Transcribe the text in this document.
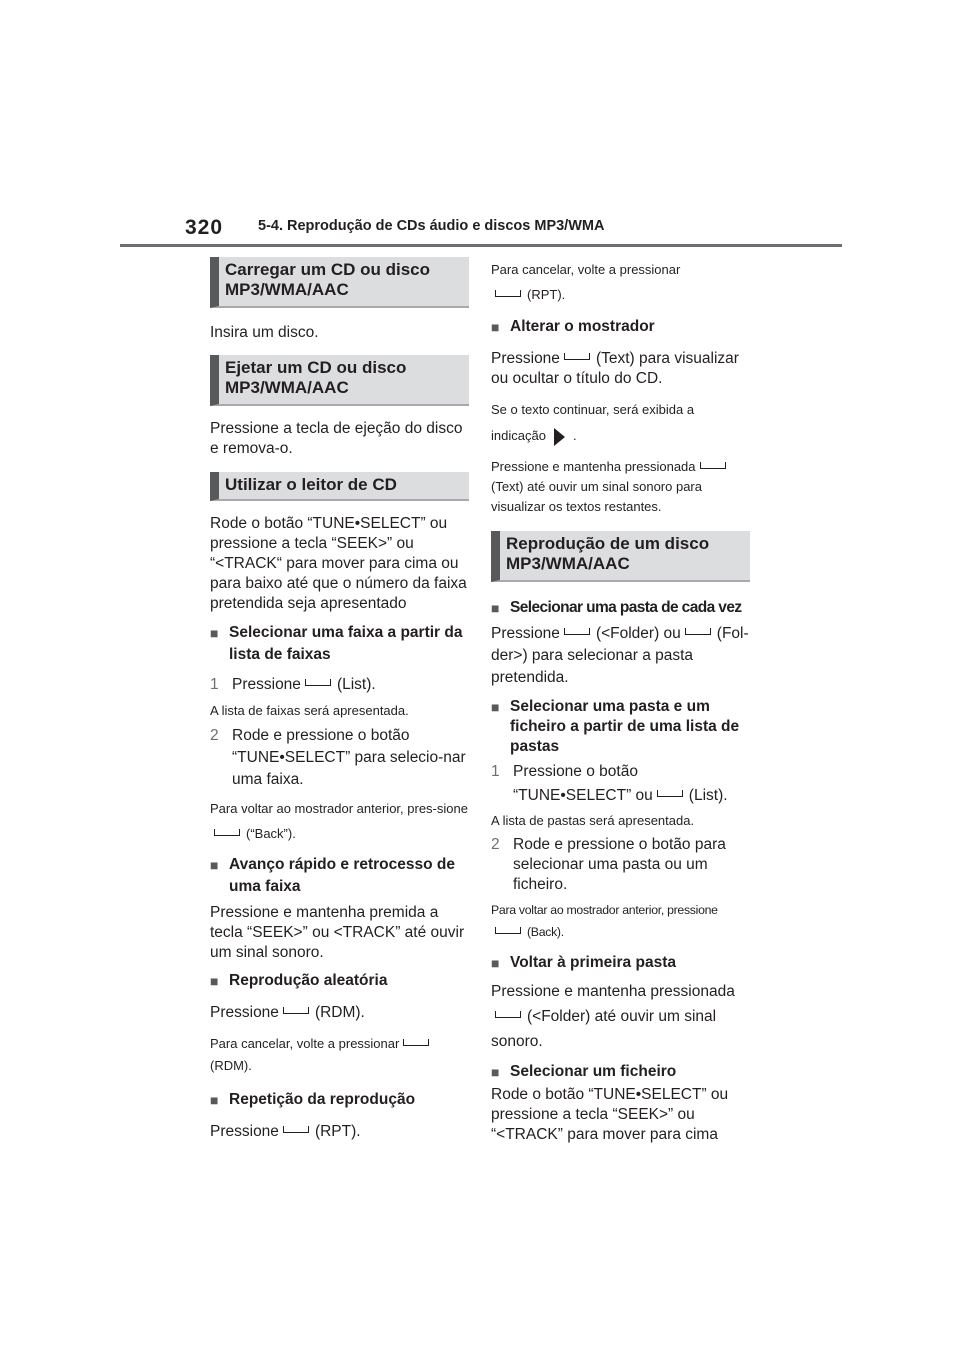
320 5-4. Reprodução de CDs áudio e discos MP3/WMA
Carregar um CD ou disco MP3/WMA/AAC
Insira um disco.
Ejetar um CD ou disco MP3/WMA/AAC
Pressione a tecla de ejeção do disco e remova-o.
Utilizar o leitor de CD
Rode o botão “TUNE•SELECT” ou pressione a tecla “SEEK>” ou “<TRACK“ para mover para cima ou para baixo até que o número da faixa pretendida seja apresentado
■ Selecionar uma faixa a partir da lista de faixas
1 Pressione (List).
A lista de faixas será apresentada.
2 Rode e pressione o botão “TUNE•SELECT” para selecio-nar uma faixa.
Para voltar ao mostrador anterior, pres-sione(“Back”).
■ Avanço rápido e retrocesso de uma faixa
Pressione e mantenha premida a tecla “SEEK>” ou <TRACK” até ouvir um sinal sonoro.
■ Reprodução aleatória
Pressione (RDM).
Para cancelar, volte a pressionar
(RDM).
■ Repetição da reprodução
Pressione (RPT).
Para cancelar, volte a pressionar
(RPT).
■ Alterar o mostrador
Pressione (Text) para visualizar ou ocultar o título do CD.
Se o texto continuar, será exibida a indicação .
Pressione e mantenha pressionada
(Text) até ouvir um sinal sonoro para visualizar os textos restantes.
Reprodução de um disco MP3/WMA/AAC
■ Selecionar uma pasta de cada vez
Pressione (<Folder) ou (Fol-der>) para selecionar a pasta pretendida.
■ Selecionar uma pasta e um ficheiro a partir de uma lista de pastas
1 Pressione o botão “TUNE•SELECT” ou (List).
A lista de pastas será apresentada.
2 Rode e pressione o botão para selecionar uma pasta ou um ficheiro.
Para voltar ao mostrador anterior, pressione
(Back).
■ Voltar à primeira pasta
Pressione e mantenha pressionada
(<Folder) até ouvir um sinal sonoro.
■ Selecionar um ficheiro
Rode o botão “TUNE•SELECT” ou pressione a tecla “SEEK>” ou “<TRACK” para mover para cima
